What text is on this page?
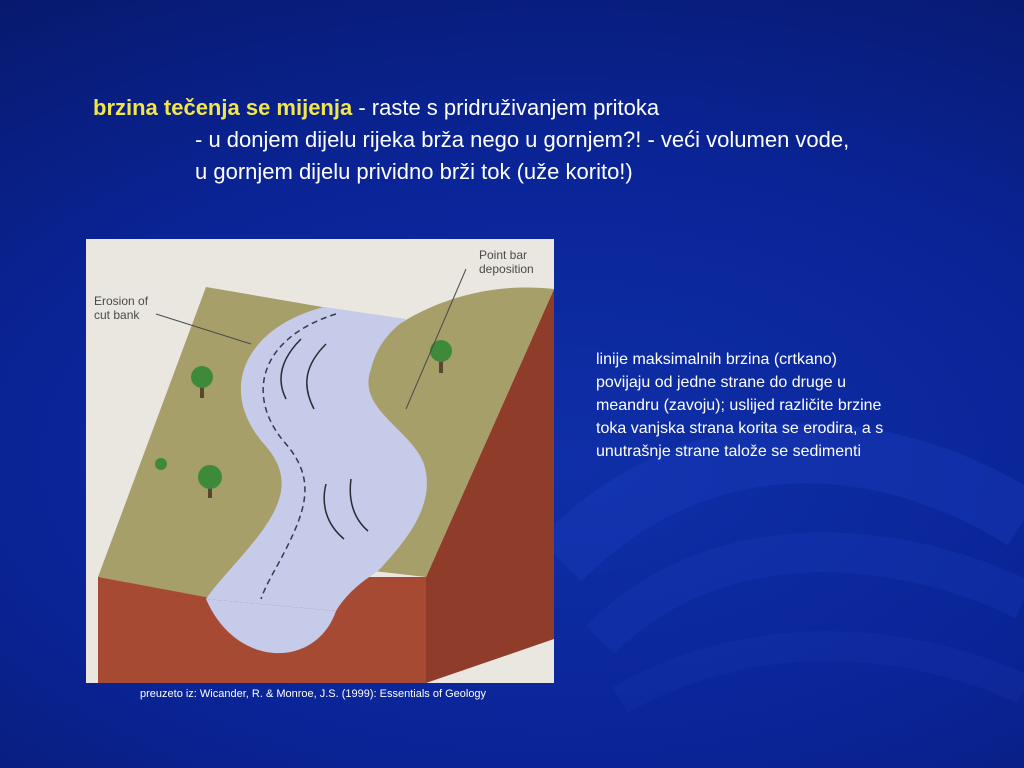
brzina tečenja se mijenja - raste s pridruživanjem pritoka
- u donjem dijelu rijeka brža nego u gornjem?! - veći volumen vode,
u gornjem dijelu prividno brži tok (uže korito!)
Point bar
deposition
Erosion of
cut bank
preuzeto iz: Wicander, R. & Monroe, J.S. (1999): Essentials of Geology
linije maksimalnih brzina (crtkano)
povijaju od jedne strane do druge u
meandru (zavoju); uslijed različite brzine
toka vanjska strana korita se erodira, a s
unutrašnje strane talože se sedimenti
